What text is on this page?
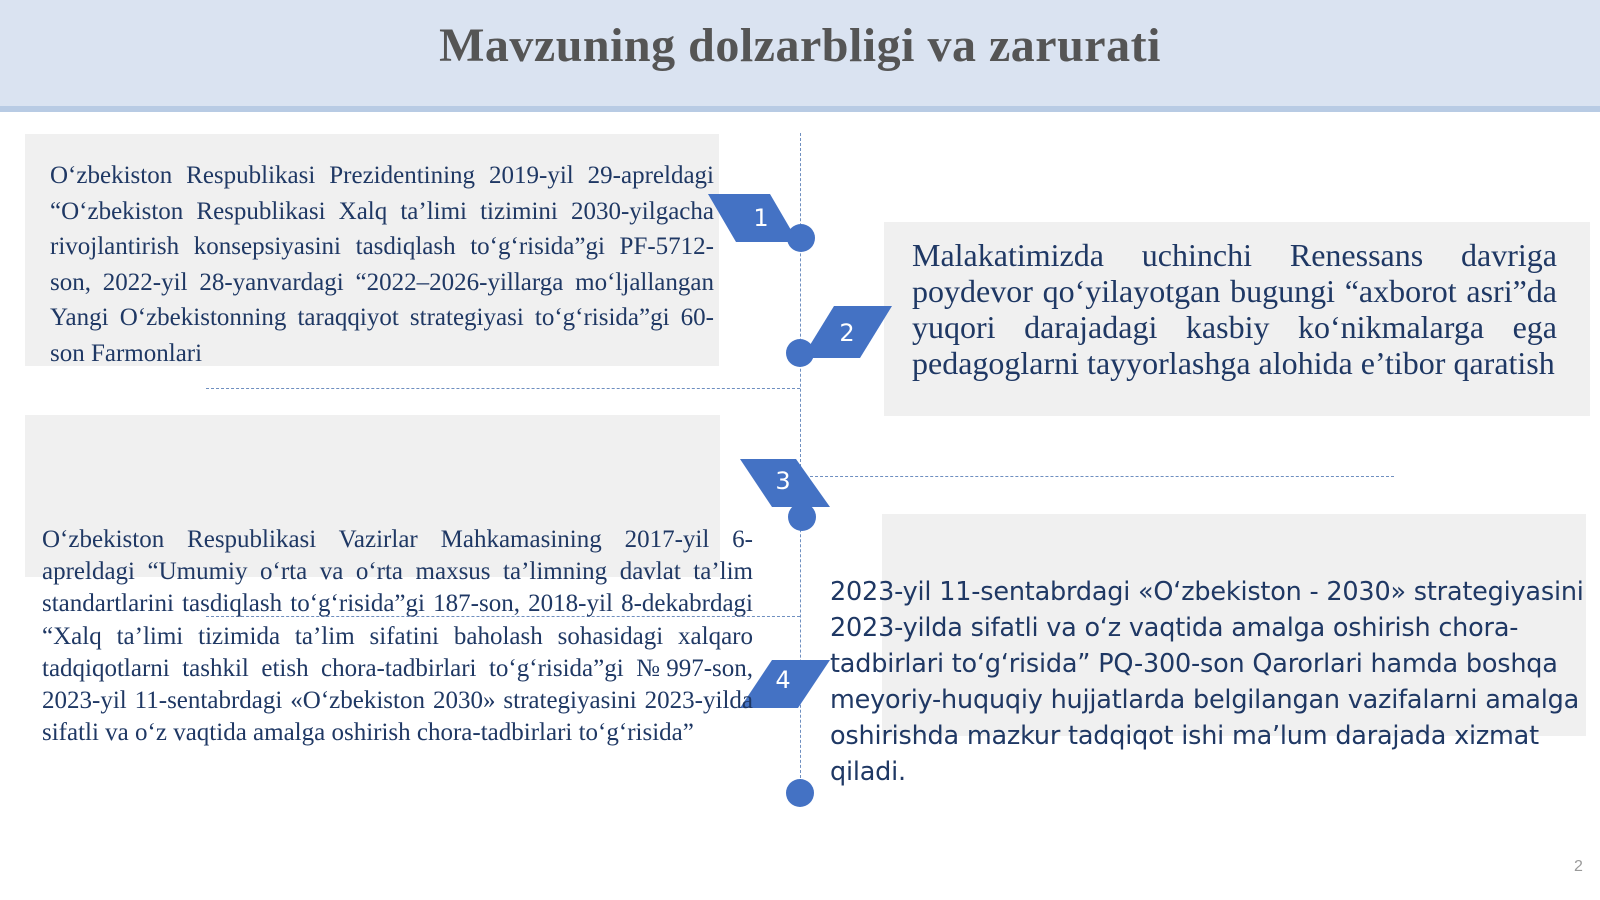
Mavzuning dolzarbligi va zarurati
1
2
3
4
O‘zbekiston Respublikasi Prezidentining 2019-yil 29-apreldagi “O‘zbekiston Respublikasi Xalq ta’limi tizimini 2030-yilgacha rivojlantirish konsepsiyasini tasdiqlash to‘g‘risida”gi PF-5712-son, 2022-yil 28-yanvardagi “2022–2026-yillarga mo‘ljallangan Yangi O‘zbekistonning taraqqiyot strategiyasi to‘g‘risida”gi 60-son Farmonlari
Malakatimizda uchinchi Renessans davriga poydevor qo‘yilayotgan bugungi “axborot asri”da yuqori darajadagi kasbiy ko‘nikmalarga ega pedagoglarni tayyorlashga alohida e’tibor qaratish
O‘zbekiston Respublikasi Vazirlar Mahkamasining 2017-yil 6-apreldagi “Umumiy o‘rta va o‘rta maxsus ta’limning davlat ta’lim standartlarini tasdiqlash to‘g‘risida”gi 187-son, 2018-yil 8-dekabrdagi “Xalq ta’limi tizimida ta’lim sifatini baholash sohasidagi xalqaro tadqiqotlarni tashkil etish chora-tadbirlari to‘g‘risida”gi №997-son, 2023-yil 11-sentabrdagi «O‘zbekiston 2030» strategiyasini 2023-yilda sifatli va o‘z vaqtida amalga oshirish chora-tadbirlari to‘g‘risida”
2023-yil 11-sentabrdagi «O‘zbekiston - 2030» strategiyasini 2023-yilda sifatli va o‘z vaqtida amalga oshirish chora-tadbirlari to‘g‘risida” PQ-300-son Qarorlari hamda boshqa meyoriy-huquqiy hujjatlarda belgilangan vazifalarni amalga oshirishda mazkur tadqiqot ishi ma’lum darajada xizmat qiladi.
2
